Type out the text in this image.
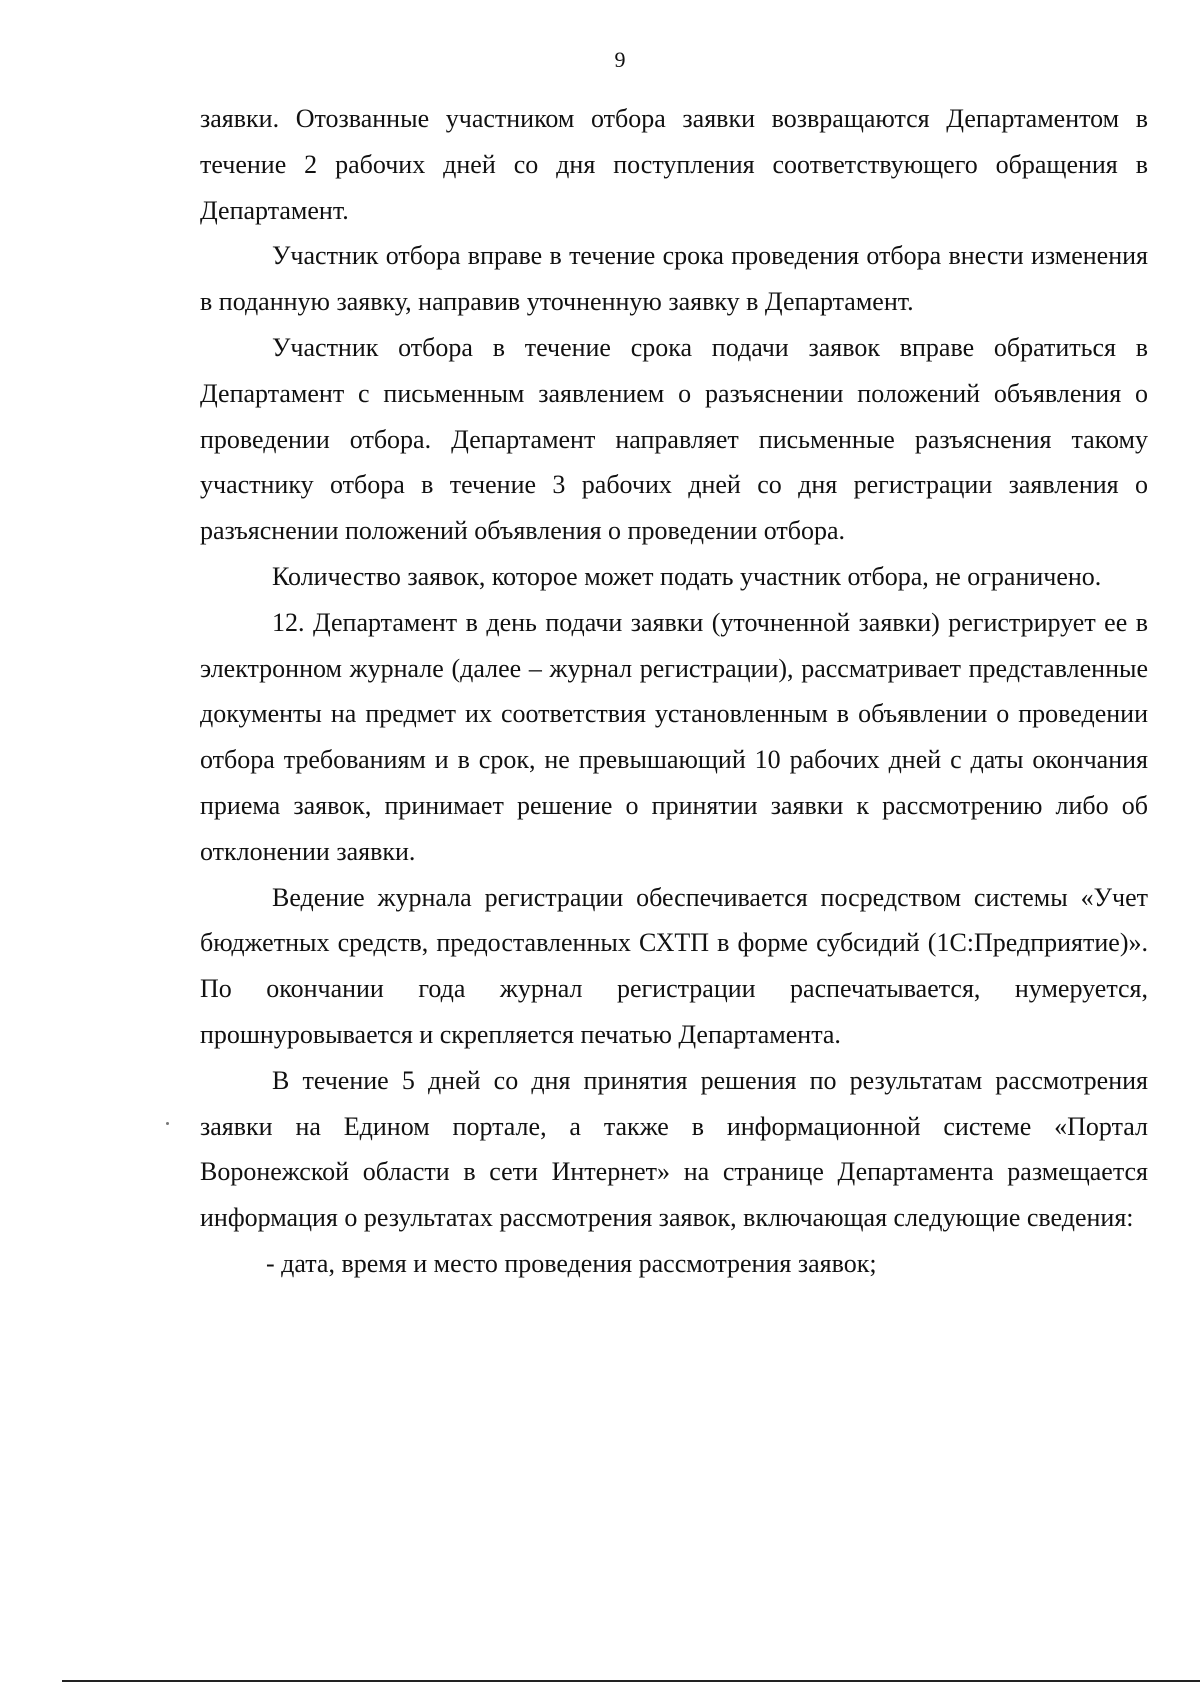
9

заявки. Отозванные участником отбора заявки возвращаются Департаментом в течение 2 рабочих дней со дня поступления соответствующего обращения в Департамент.

Участник отбора вправе в течение срока проведения отбора внести изменения в поданную заявку, направив уточненную заявку в Департамент.

Участник отбора в течение срока подачи заявок вправе обратиться в Департамент с письменным заявлением о разъяснении положений объявления о проведении отбора. Департамент направляет письменные разъяснения такому участнику отбора в течение 3 рабочих дней со дня регистрации заявления о разъяснении положений объявления о проведении отбора.

Количество заявок, которое может подать участник отбора, не ограничено.

12. Департамент в день подачи заявки (уточненной заявки) регистрирует ее в электронном журнале (далее – журнал регистрации), рассматривает представленные документы на предмет их соответствия установленным в объявлении о проведении отбора требованиям и в срок, не превышающий 10 рабочих дней с даты окончания приема заявок, принимает решение о принятии заявки к рассмотрению либо об отклонении заявки.

Ведение журнала регистрации обеспечивается посредством системы «Учет бюджетных средств, предоставленных СХТП в форме субсидий (1С:Предприятие)». По окончании года журнал регистрации распечатывается, нумеруется, прошнуровывается и скрепляется печатью Департамента.

В течение 5 дней со дня принятия решения по результатам рассмотрения заявки на Едином портале, а также в информационной системе «Портал Воронежской области в сети Интернет» на странице Департамента размещается информация о результатах рассмотрения заявок, включающая следующие сведения:

- дата, время и место проведения рассмотрения заявок;
